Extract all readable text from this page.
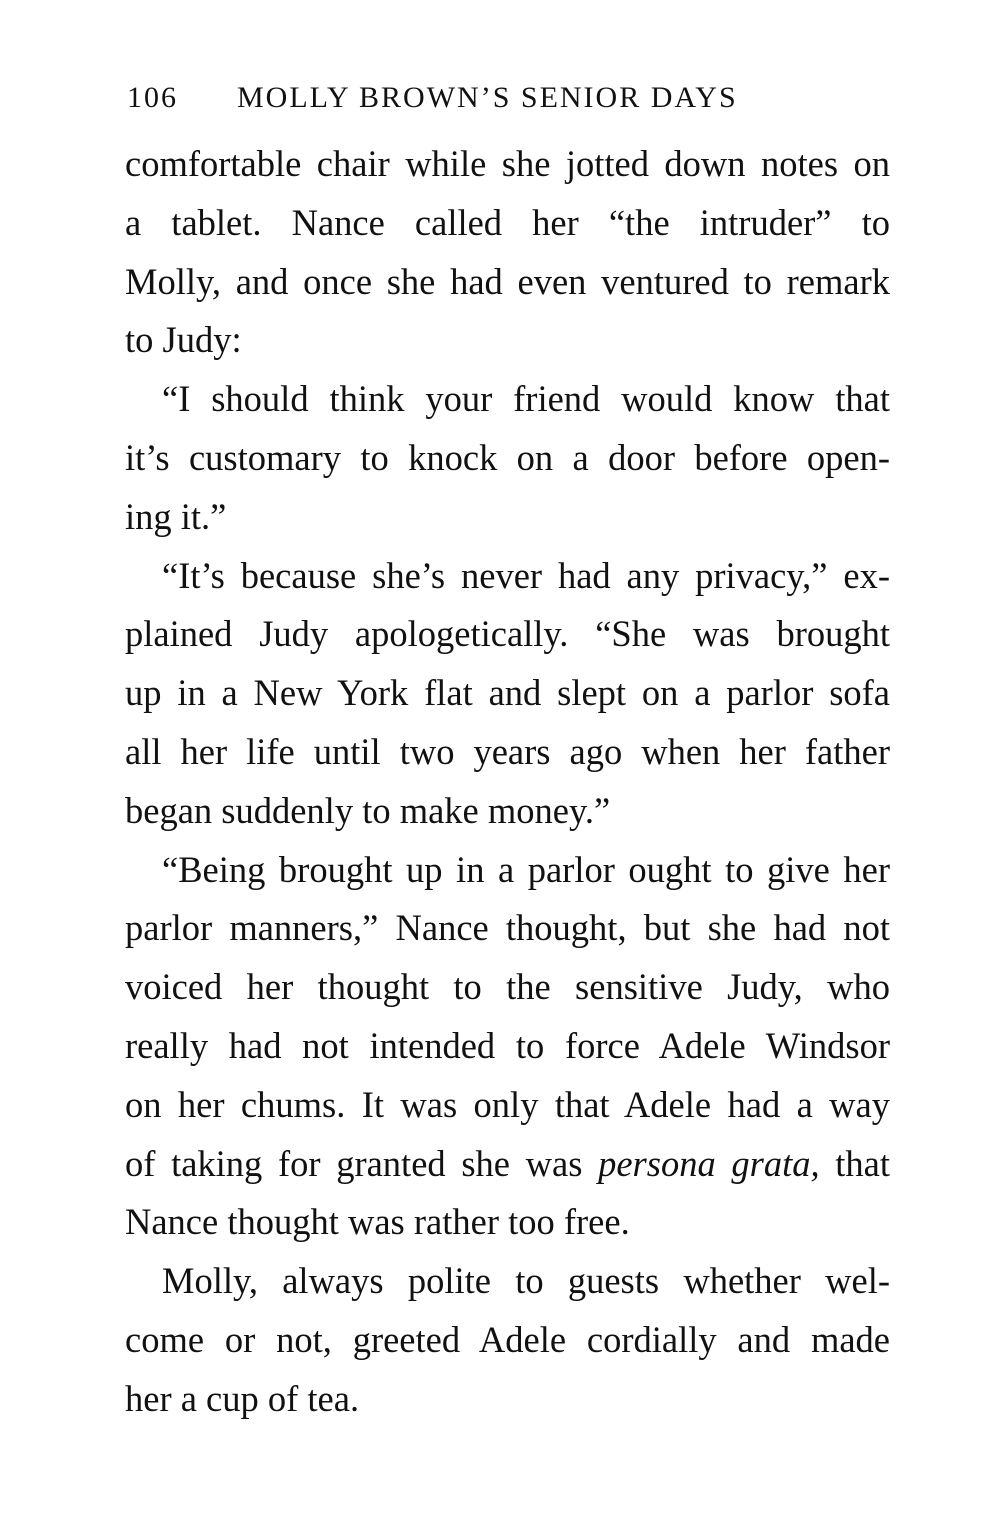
106 MOLLY BROWN’S SENIOR DAYS
comfortable chair while she jotted down notes on
a tablet. Nance called her “the intruder” to
Molly, and once she had even ventured to remark
to Judy:
“I should think your friend would know that
it’s customary to knock on a door before open-
ing it.”
“It’s because she’s never had any privacy,” ex-
plained Judy apologetically. “She was brought
up in a New York flat and slept on a parlor sofa
all her life until two years ago when her father
began suddenly to make money.”
“Being brought up in a parlor ought to give her
parlor manners,” Nance thought, but she had not
voiced her thought to the sensitive Judy, who
really had not intended to force Adele Windsor
on her chums. It was only that Adele had a way
of taking for granted she was persona grata, that
Nance thought was rather too free.
Molly, always polite to guests whether wel-
come or not, greeted Adele cordially and made
her a cup of tea.
